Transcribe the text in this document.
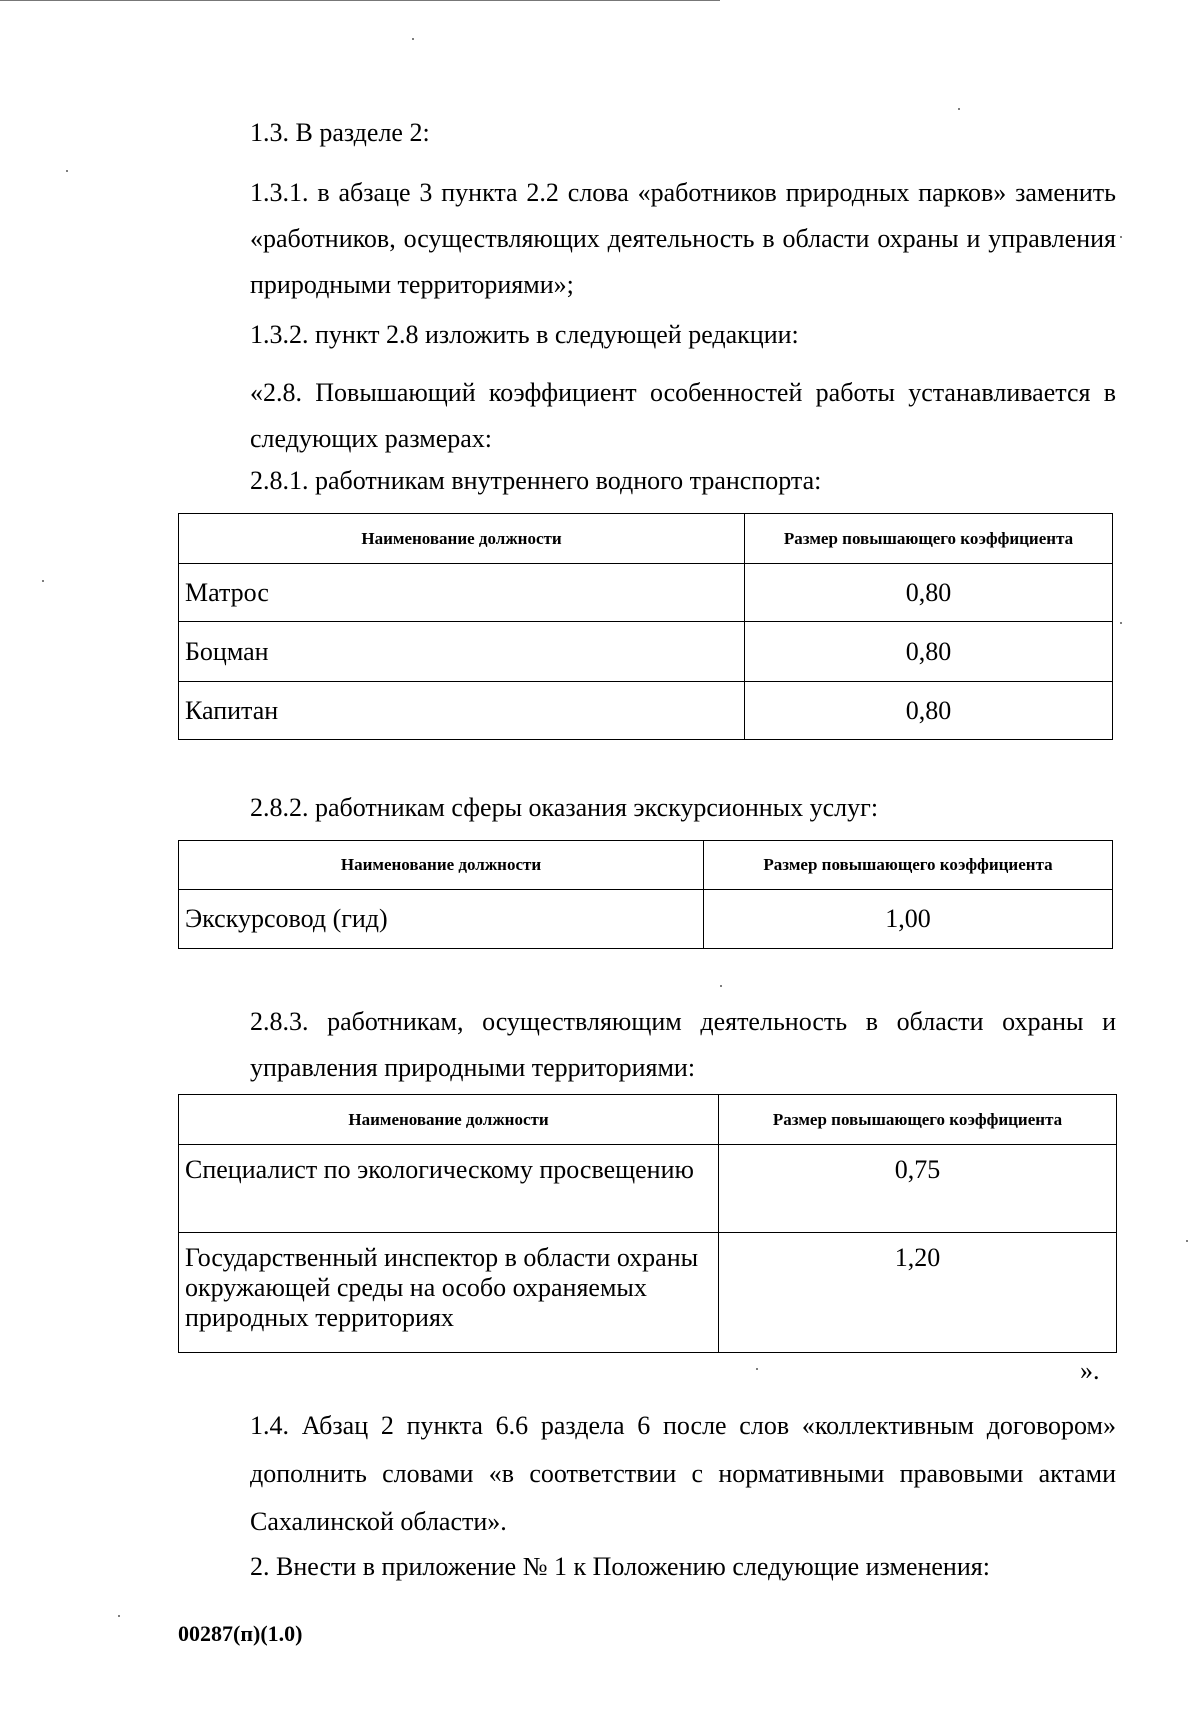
1.3. В разделе 2:

1.3.1. в абзаце 3 пункта 2.2 слова «работников природных парков» заменить «работников, осуществляющих деятельность в области охраны и управления природными территориями»;

1.3.2. пункт 2.8 изложить в следующей редакции:

«2.8. Повышающий коэффициент особенностей работы устанавливается в следующих размерах:

2.8.1. работникам внутреннего водного транспорта:

Наименование должности	Размер повышающего коэффициента
Матрос	0,80
Боцман	0,80
Капитан	0,80

2.8.2. работникам сферы оказания экскурсионных услуг:

Наименование должности	Размер повышающего коэффициента
Экскурсовод (гид)	1,00

2.8.3. работникам, осуществляющим деятельность в области охраны и управления природными территориями:

Наименование должности	Размер повышающего коэффициента
Специалист по экологическому просвещению	0,75
Государственный инспектор в области охраны окружающей среды на особо охраняемых природных территориях	1,20
».

1.4. Абзац 2 пункта 6.6 раздела 6 после слов «коллективным договором» дополнить словами «в соответствии с нормативными правовыми актами Сахалинской области».

2. Внести в приложение № 1 к Положению следующие изменения:

00287(п)(1.0)
